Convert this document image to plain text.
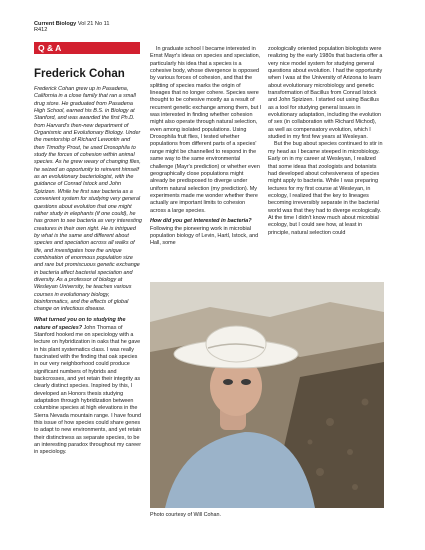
Current Biology Vol 21 No 11
R412
Q & A
Frederick Cohan

Frederick Cohan grew up in Pasadena, California in a close family that ran a small drug store. He graduated from Pasadena High School, earned his B.S. in Biology at Stanford, and was awarded the first Ph.D. from Harvard's then-new department of Organismic and Evolutionary Biology. Under the mentorship of Richard Lewontin and then Timothy Prout, he used Drosophila to study the forces of cohesion within animal species. As he grew weary of changing flies, he seized an opportunity to reinvent himself as an evolutionary bacteriologist, with the guidance of Conrad Istock and John Spizizen. While he first saw bacteria as a convenient system for studying very general questions about evolution that one might rather study in elephants (if one could), he has grown to see bacteria as very interesting creatures in their own right. He is intrigued by what is the same and different about species and speciation across all walks of life, and investigates how the unique combination of enormous population size and rare but promiscuous genetic exchange in bacteria affect bacterial speciation and diversity. As a professor of biology at Wesleyan University, he teaches various courses in evolutionary biology, bioinformatics, and the effects of global change on infectious disease.

What turned you on to studying the nature of species? John Thomas of Stanford hooked me on speciology with a lecture on hybridization in oaks that he gave in his plant systematics class. I was really fascinated with the finding that oak species in our very neighborhood could produce significant numbers of hybrids and backcrosses, and yet retain their integrity as clearly distinct species. Inspired by this, I developed an Honors thesis studying adaptation through hybridization between columbine species at high elevations in the Sierra Nevada mountain range. I have found this issue of how species could share genes to adapt to new environments, and yet retain their distinctness as separate species, to be an interesting paradox throughout my career in speciology.

In graduate school I became interested in Ernst Mayr's ideas on species and speciation, particularly his idea that a species is a cohesive body, whose divergence is opposed by various forces of cohesion, and that the splitting of species marks the origin of lineages that no longer cohere. Species were thought to be cohesive mostly as a result of recurrent genetic exchange among them, but I was interested in finding whether cohesion might also operate through natural selection, even among isolated populations. Using Drosophila fruit flies, I tested whether populations from different parts of a species' range might be channelled to respond in the same way to the same environmental challenge (Mayr's prediction) or whether even geographically close populations might already be predisposed to diverge under uniform natural selection (my prediction). My experiments made me wonder whether there actually are important limits to cohesion across a large species.

How did you get interested in bacteria? Following the pioneering work in microbial population biology of Levin, Hartl, Istock, and Hall, some

zoologically oriented population biologists were realizing by the early 1980s that bacteria offer a very nice model system for studying general questions about evolution. I had the opportunity when I was at the University of Arizona to learn about evolutionary microbiology and genetic transformation of Bacillus from Conrad Istock and John Spizizen. I started out using Bacillus as a tool for studying general issues in evolutionary adaptation, including the evolution of sex (in collaboration with Richard Michod), as well as compensatory evolution, which I studied in my first few years at Wesleyan.

But the bug about species continued to stir in my head as I became steeped in microbiology. Early on in my career at Wesleyan, I realized that some ideas that zoologists and botanists had developed about cohesiveness of species might apply to bacteria. While I was preparing lectures for my first course at Wesleyan, in ecology, I realized that the key to lineages becoming irreversibly separate in the bacterial world was that they had to diverge ecologically. At the time I didn't know much about microbial ecology, but I could see how, at least in principle, natural selection could

Photo courtesy of Will Cohan.
